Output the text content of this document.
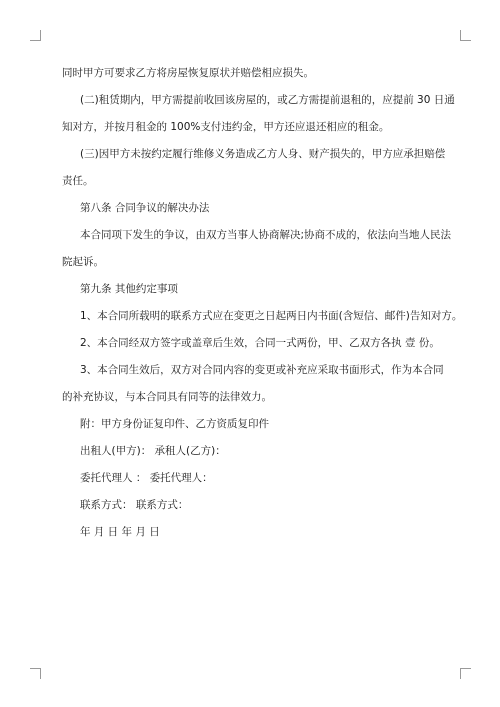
同时甲方可要求乙方将房屋恢复原状并赔偿相应损失。

(二)租赁期内，甲方需提前收回该房屋的，或乙方需提前退租的，应提前 30 日通

知对方，并按月租金的 100%支付违约金，甲方还应退还相应的租金。

(三)因甲方未按约定履行维修义务造成乙方人身、财产损失的，甲方应承担赔偿

责任。

第八条 合同争议的解决办法

本合同项下发生的争议，由双方当事人协商解决;协商不成的，依法向当地人民法

院起诉。

第九条 其他约定事项

1、本合同所载明的联系方式应在变更之日起两日内书面(含短信、邮件)告知对方。

2、本合同经双方签字或盖章后生效，合同一式两份，甲、乙双方各执 壹 份。

3、本合同生效后，双方对合同内容的变更或补充应采取书面形式，作为本合同

的补充协议，与本合同具有同等的法律效力。

附：甲方身份证复印件、乙方资质复印件

出租人(甲方)： 承租人(乙方)：

委托代理人 ： 委托代理人：

联系方式： 联系方式：

年 月 日 年 月 日
